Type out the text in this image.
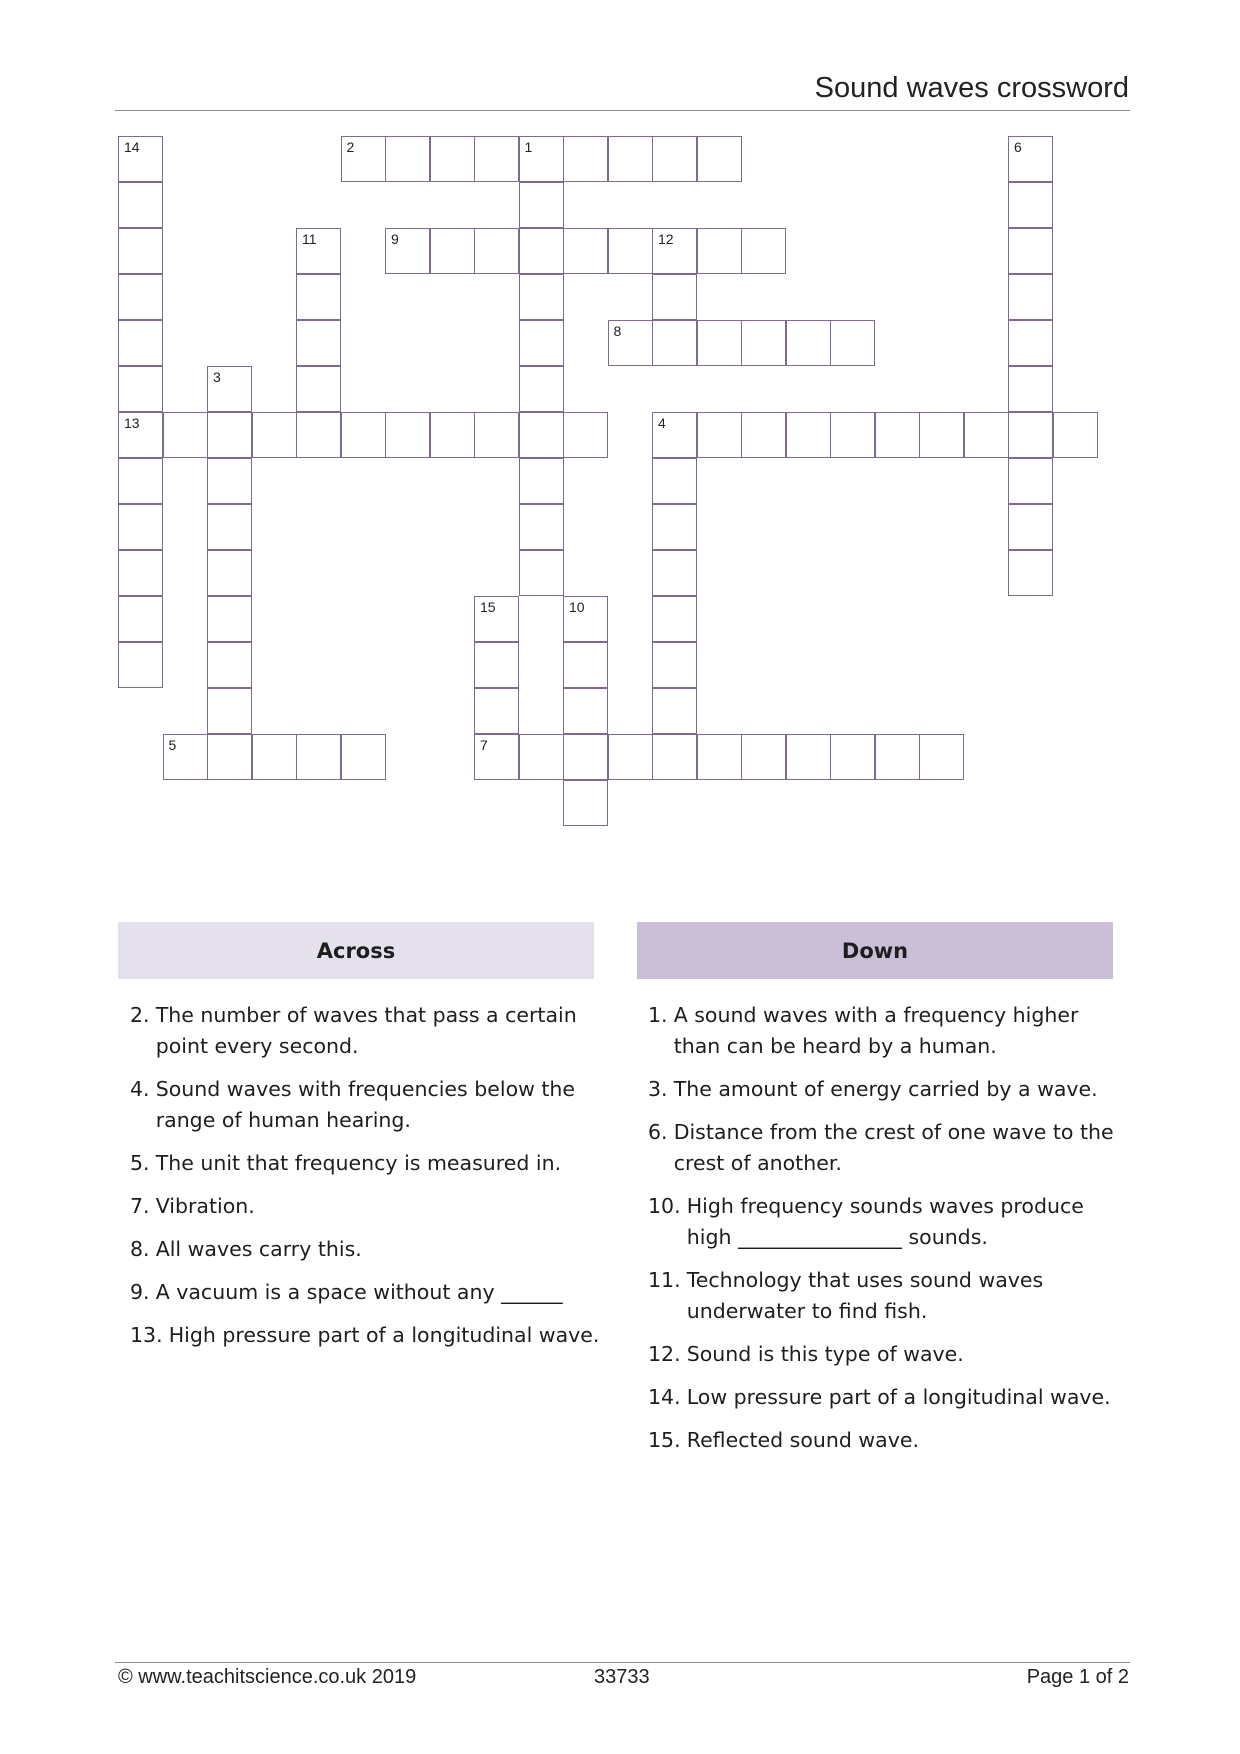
Sound waves crossword
14	2	1	6
11	9	12
8
3
13	4
15	10
5	7
Across	Down
2. The number of waves that pass a certain point every second.
4. Sound waves with frequencies below the range of human hearing.
5. The unit that frequency is measured in.
7. Vibration.
8. All waves carry this.
9. A vacuum is a space without any ______
13. High pressure part of a longitudinal wave.
1. A sound waves with a frequency higher than can be heard by a human.
3. The amount of energy carried by a wave.
6. Distance from the crest of one wave to the crest of another.
10. High frequency sounds waves produce high ________________ sounds.
11. Technology that uses sound waves underwater to find fish.
12. Sound is this type of wave.
14. Low pressure part of a longitudinal wave.
15. Reflected sound wave.
© www.teachitscience.co.uk 2019	33733	Page 1 of 2
